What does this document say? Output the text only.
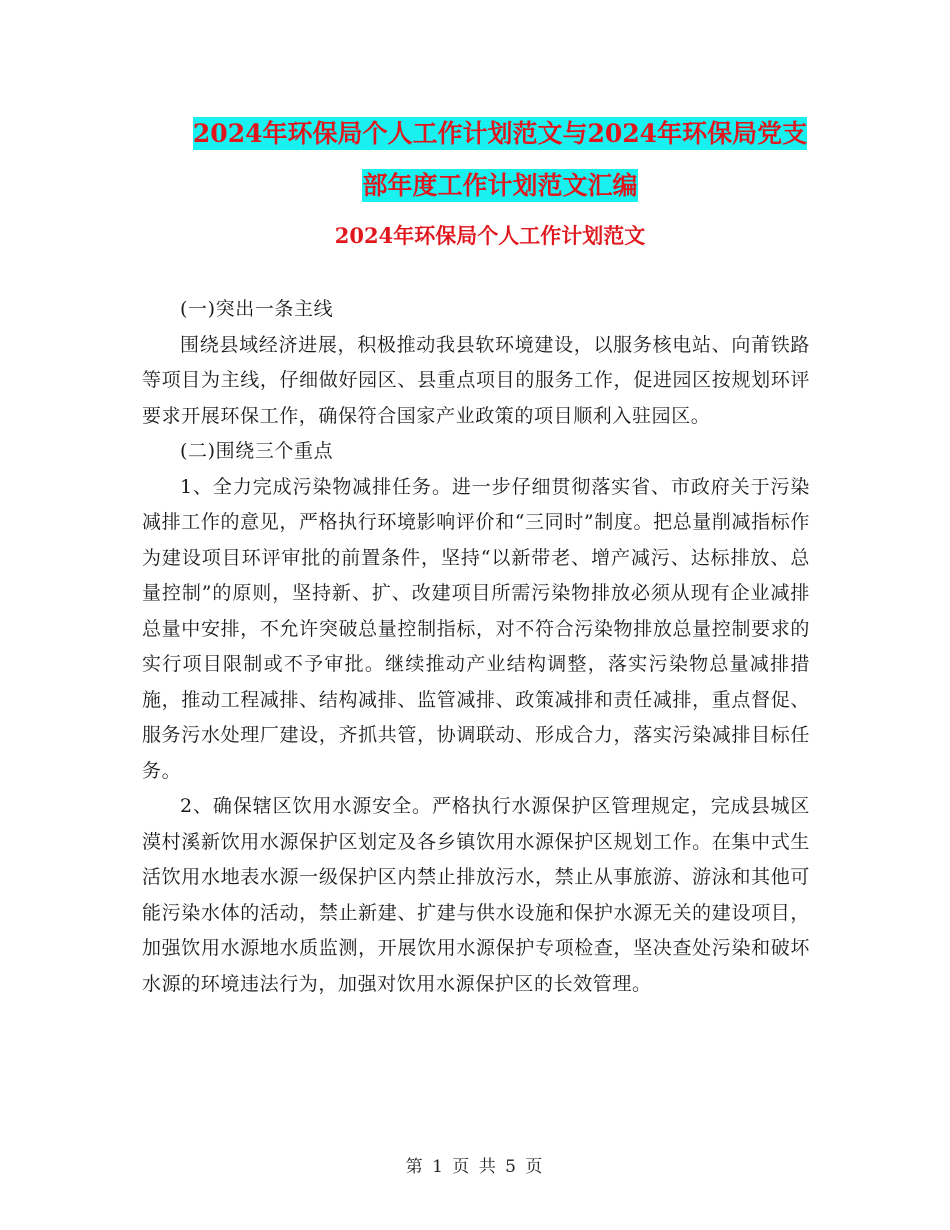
2024年环保局个人工作计划范文与2024年环保局党支
部年度工作计划范文汇编
2024年环保局个人工作计划范文

(一)突出一条主线

围绕县域经济进展，积极推动我县软环境建设，以服务核电站、向莆铁路等项目为主线，仔细做好园区、县重点项目的服务工作，促进园区按规划环评要求开展环保工作，确保符合国家产业政策的项目顺利入驻园区。

(二)围绕三个重点

1、全力完成污染物减排任务。进一步仔细贯彻落实省、市政府关于污染减排工作的意见，严格执行环境影响评价和“三同时”制度。把总量削减指标作为建设项目环评审批的前置条件，坚持“以新带老、增产减污、达标排放、总量控制”的原则，坚持新、扩、改建项目所需污染物排放必须从现有企业减排总量中安排，不允许突破总量控制指标，对不符合污染物排放总量控制要求的实行项目限制或不予审批。继续推动产业结构调整，落实污染物总量减排措施，推动工程减排、结构减排、监管减排、政策减排和责任减排，重点督促、服务污水处理厂建设，齐抓共管，协调联动、形成合力，落实污染减排目标任务。

2、确保辖区饮用水源安全。严格执行水源保护区管理规定，完成县城区漠村溪新饮用水源保护区划定及各乡镇饮用水源保护区规划工作。在集中式生活饮用水地表水源一级保护区内禁止排放污水，禁止从事旅游、游泳和其他可能污染水体的活动，禁止新建、扩建与供水设施和保护水源无关的建设项目，加强饮用水源地水质监测，开展饮用水源保护专项检查，坚决查处污染和破坏水源的环境违法行为，加强对饮用水源保护区的长效管理。

第 1 页 共 5 页
